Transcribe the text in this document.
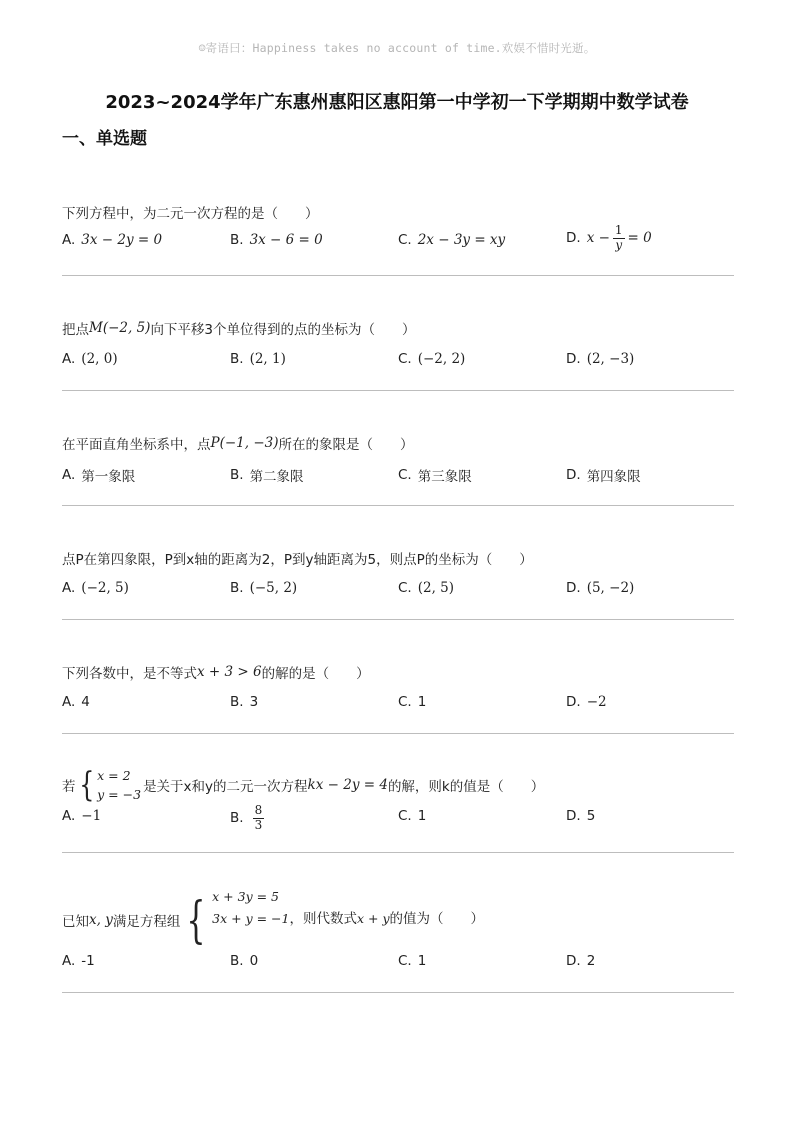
☺寄语曰：Happiness takes no account of time.欢娱不惜时光逝。
2023~2024学年广东惠州惠阳区惠阳第一中学初一下学期期中数学试卷
一、单选题
下列方程中，为二元一次方程的是（　　）
A. 3x − 2y = 0	B. 3x − 6 = 0	C. 2x − 3y = xy	D. $x - \frac{1}{y} = 0$
把点 M(−2, 5) 向下平移3个单位得到的点的坐标为（　　）
A. (2, 0)	B. (2, 1)	C. (−2, 2)	D. (2, −3)
在平面直角坐标系中，点 P(−1, −3) 所在的象限是（　　）
A. 第一象限	B. 第二象限	C. 第三象限	D. 第四象限
点P在第四象限，P到x轴的距离为2，P到y轴距离为5，则点P的坐标为（　　）
A. (−2, 5)	B. (−5, 2)	C. (2, 5)	D. (5, −2)
下列各数中，是不等式 x + 3 > 6 的解的是（　　）
A. 4	B. 3	C. 1	D. −2
若 { x = 2
y = −3 是关于x和y的二元一次方程 kx − 2y = 4 的解，则k的值是（　　）
A. −1	B. $\frac{8}{3}$	C. 1	D. 5
已知 x, y 满足方程组 { x + 3y = 5
3x + y = −1，则代数式x + y的值为（　　）
A. -1	B. 0	C. 1	D. 2
